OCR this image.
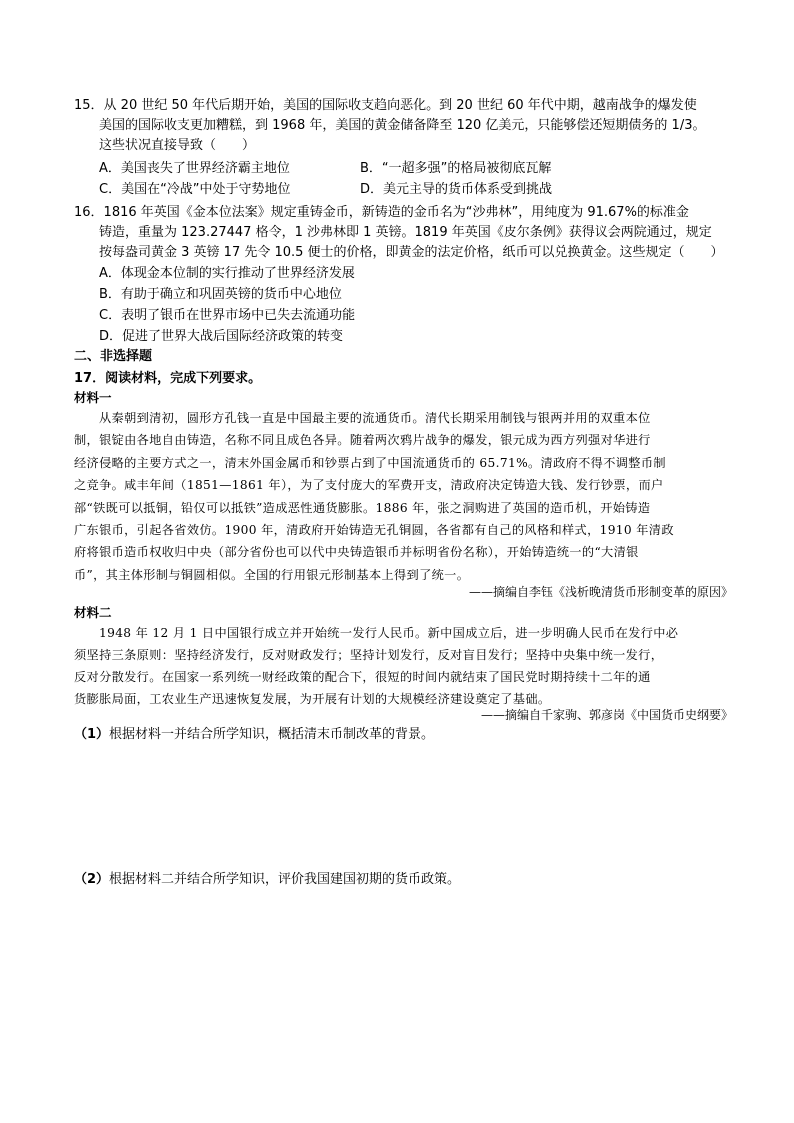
15．从 20 世纪 50 年代后期开始，美国的国际收支趋向恶化。到 20 世纪 60 年代中期，越南战争的爆发使
美国的国际收支更加糟糕，到 1968 年，美国的黄金储备降至 120 亿美元，只能够偿还短期债务的 1/3。
这些状况直接导致（　　）
A．美国丧失了世界经济霸主地位	B．“一超多强”的格局被彻底瓦解
C．美国在“冷战”中处于守势地位	D．美元主导的货币体系受到挑战
16．1816 年英国《金本位法案》规定重铸金币，新铸造的金币名为“沙弗林”，用纯度为 91.67%的标准金
铸造，重量为 123.27447 格令，1 沙弗林即 1 英镑。1819 年英国《皮尔条例》获得议会两院通过，规定
按每盎司黄金 3 英镑 17 先令 10.5 便士的价格，即黄金的法定价格，纸币可以兑换黄金。这些规定（　　）
A．体现金本位制的实行推动了世界经济发展
B．有助于确立和巩固英镑的货币中心地位
C．表明了银币在世界市场中已失去流通功能
D．促进了世界大战后国际经济政策的转变
二、非选择题
17．阅读材料，完成下列要求。
材料一
从秦朝到清初，圆形方孔钱一直是中国最主要的流通货币。清代长期采用制钱与银两并用的双重本位
制，银锭由各地自由铸造，名称不同且成色各异。随着两次鸦片战争的爆发，银元成为西方列强对华进行
经济侵略的主要方式之一，清末外国金属币和钞票占到了中国流通货币的 65.71%。清政府不得不调整币制
之竞争。咸丰年间（1851—1861 年），为了支付庞大的军费开支，清政府决定铸造大钱、发行钞票，而户
部“铁既可以抵铜，铅仅可以抵铁”造成恶性通货膨胀。1886 年，张之洞购进了英国的造币机，开始铸造
广东银币，引起各省效仿。1900 年，清政府开始铸造无孔铜圆，各省都有自己的风格和样式，1910 年清政
府将银币造币权收归中央（部分省份也可以代中央铸造银币并标明省份名称），开始铸造统一的“大清银
币”，其主体形制与铜圆相似。全国的行用银元形制基本上得到了统一。
——摘编自李钰《浅析晚清货币形制变革的原因》
材料二
1948 年 12 月 1 日中国银行成立并开始统一发行人民币。新中国成立后，进一步明确人民币在发行中必
须坚持三条原则：坚持经济发行，反对财政发行；坚持计划发行，反对盲目发行；坚持中央集中统一发行，
反对分散发行。在国家一系列统一财经政策的配合下，很短的时间内就结束了国民党时期持续十二年的通
货膨胀局面，工农业生产迅速恢复发展，为开展有计划的大规模经济建设奠定了基础。
——摘编自千家驹、郭彦岗《中国货币史纲要》
（1）根据材料一并结合所学知识，概括清末币制改革的背景。
（2）根据材料二并结合所学知识，评价我国建国初期的货币政策。
